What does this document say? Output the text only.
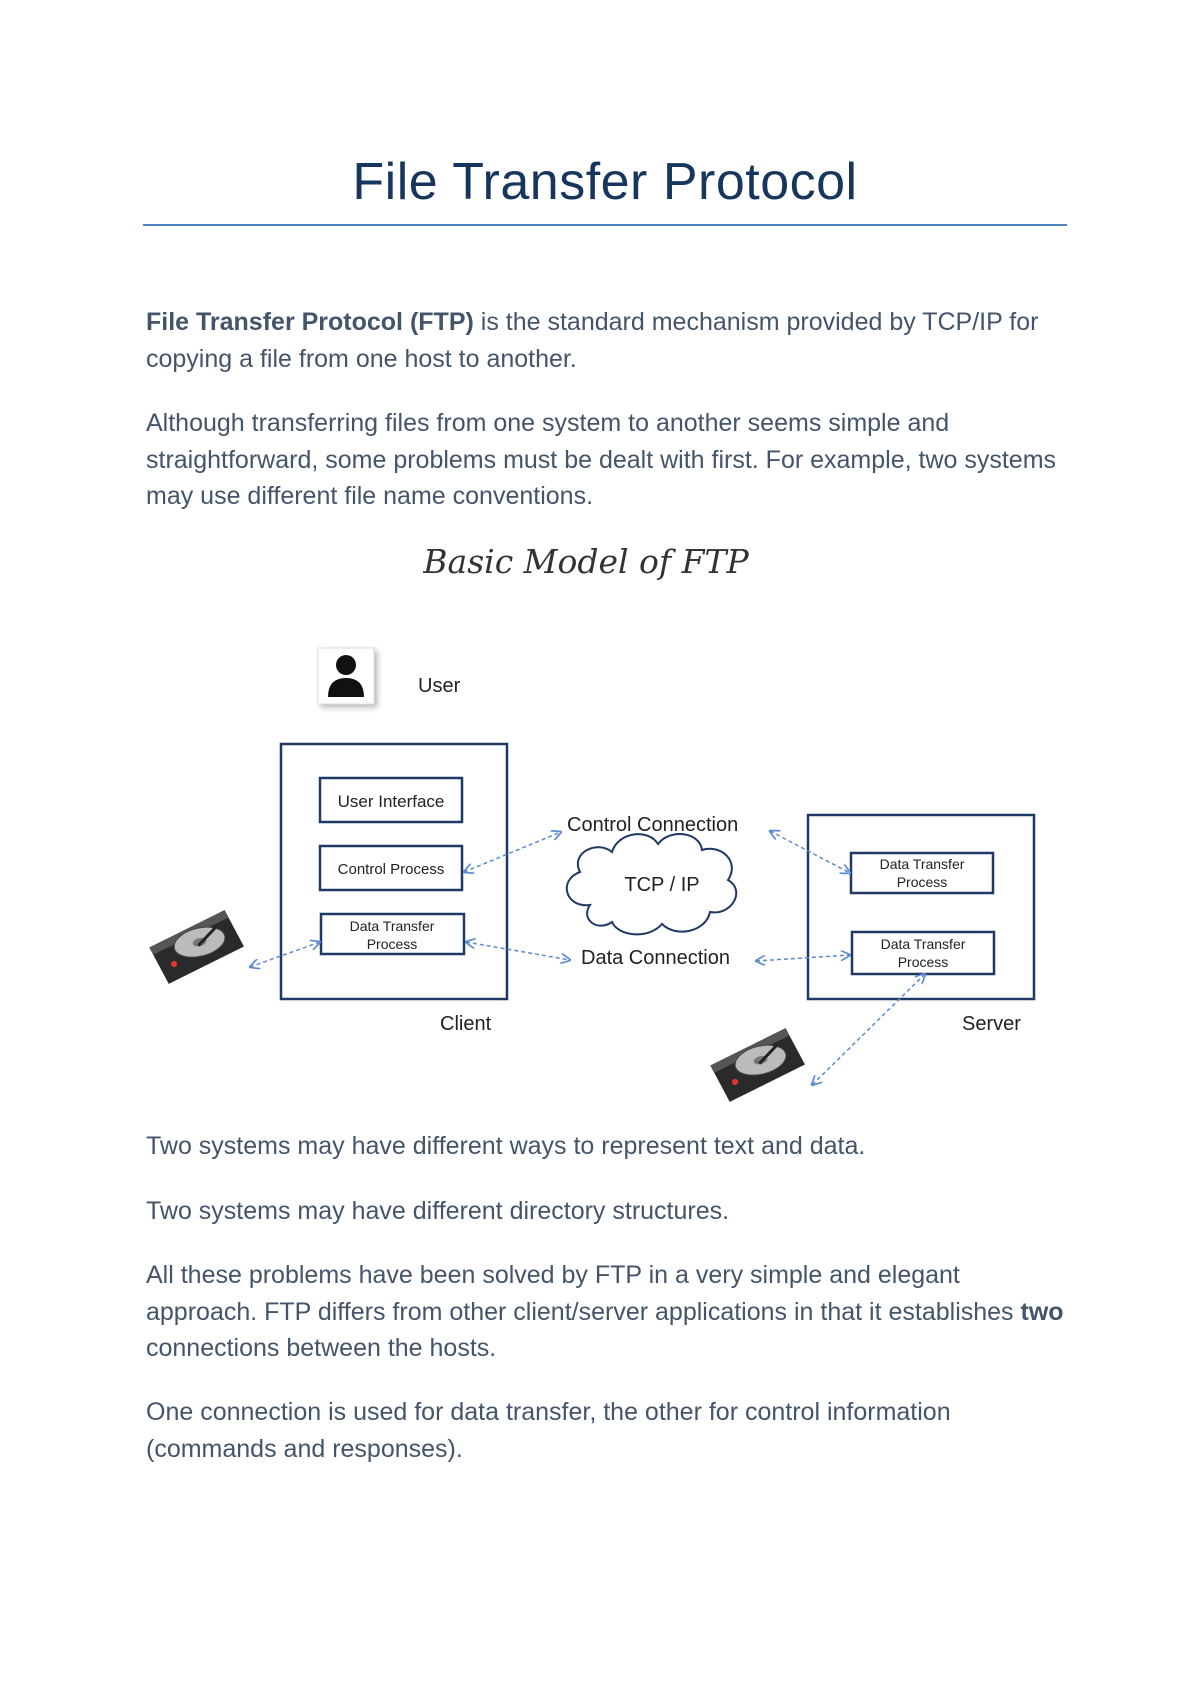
File Transfer Protocol

File Transfer Protocol (FTP) is the standard mechanism provided by TCP/IP for copying a file from one host to another.

Although transferring files from one system to another seems simple and straightforward, some problems must be dealt with first. For example, two systems may use different file name conventions.

Basic Model of FTP
User
User Interface
Control Process
Data Transfer
Process
Client
Data Transfer
Process
Data Transfer
Process
Server
TCP / IP
Control Connection
Data Connection

Two systems may have different ways to represent text and data.

Two systems may have different directory structures.

All these problems have been solved by FTP in a very simple and elegant approach. FTP differs from other client/server applications in that it establishes two connections between the hosts.

One connection is used for data transfer, the other for control information (commands and responses).
